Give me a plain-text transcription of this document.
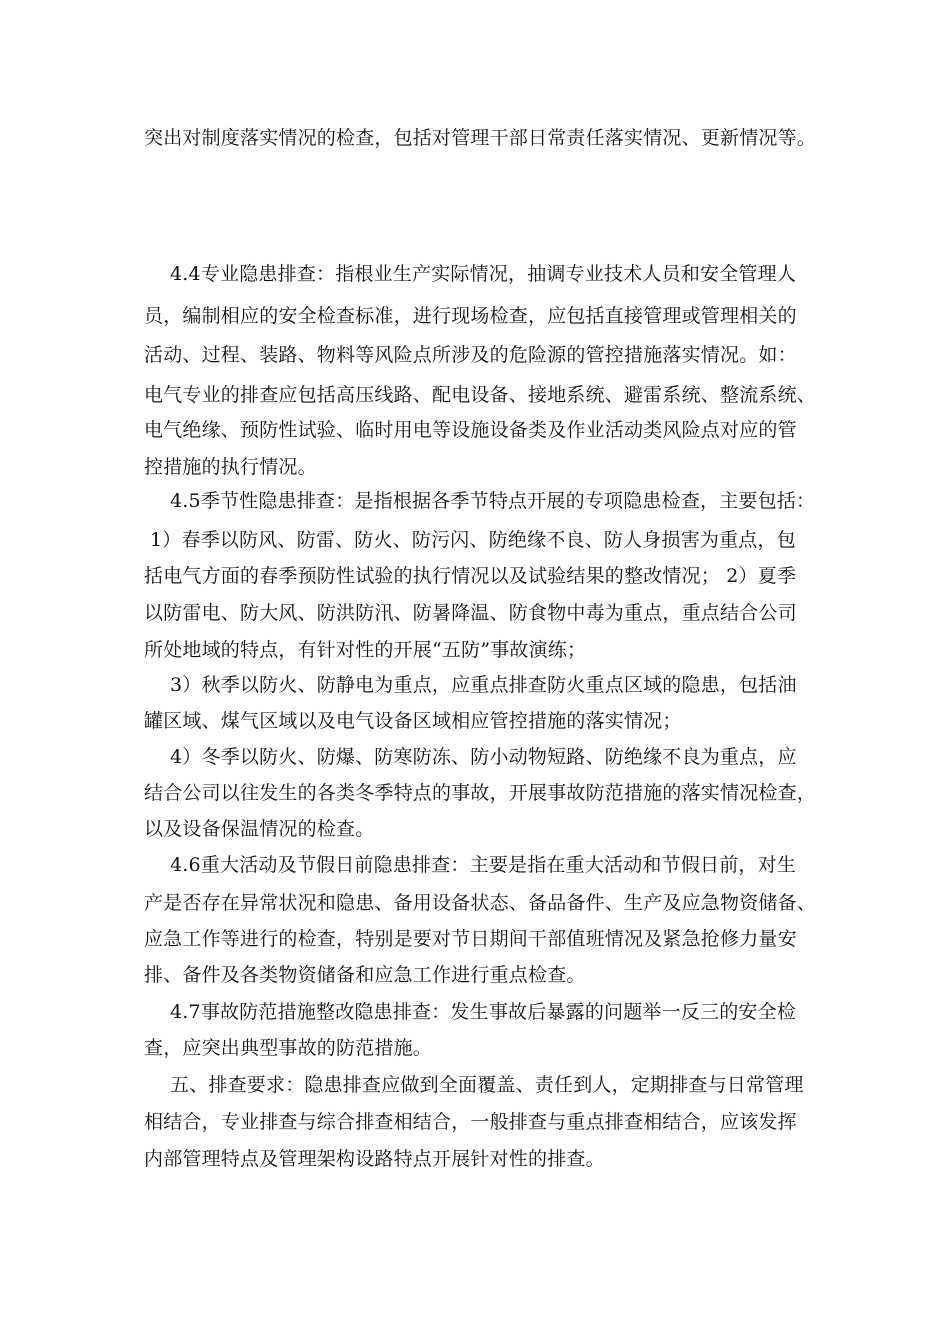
突出对制度落实情况的检查，包括对管理干部日常责任落实情况、更新情况等。
4.4专业隐患排查：指根业生产实际情况，抽调专业技术人员和安全管理人
员，编制相应的安全检查标准，进行现场检查，应包括直接管理或管理相关的
活动、过程、装路、物料等风险点所涉及的危险源的管控措施落实情况。如：
电气专业的排查应包括高压线路、配电设备、接地系统、避雷系统、整流系统、
电气绝缘、预防性试验、临时用电等设施设备类及作业活动类风险点对应的管
控措施的执行情况。
4.5季节性隐患排查：是指根据各季节特点开展的专项隐患检查，主要包括：
1）春季以防风、防雷、防火、防污闪、防绝缘不良、防人身损害为重点，包
括电气方面的春季预防性试验的执行情况以及试验结果的整改情况； 2）夏季
以防雷电、防大风、防洪防汛、防暑降温、防食物中毒为重点，重点结合公司
所处地域的特点，有针对性的开展“五防”事故演练；
3）秋季以防火、防静电为重点，应重点排查防火重点区域的隐患，包括油
罐区域、煤气区域以及电气设备区域相应管控措施的落实情况；
4）冬季以防火、防爆、防寒防冻、防小动物短路、防绝缘不良为重点，应
结合公司以往发生的各类冬季特点的事故，开展事故防范措施的落实情况检查，
以及设备保温情况的检查。
4.6重大活动及节假日前隐患排查：主要是指在重大活动和节假日前，对生
产是否存在异常状况和隐患、备用设备状态、备品备件、生产及应急物资储备、
应急工作等进行的检查，特别是要对节日期间干部值班情况及紧急抢修力量安
排、备件及各类物资储备和应急工作进行重点检查。
4.7事故防范措施整改隐患排查：发生事故后暴露的问题举一反三的安全检
查，应突出典型事故的防范措施。
五、排查要求：隐患排查应做到全面覆盖、责任到人，定期排查与日常管理
相结合，专业排查与综合排查相结合，一般排查与重点排查相结合，应该发挥
内部管理特点及管理架构设路特点开展针对性的排查。
